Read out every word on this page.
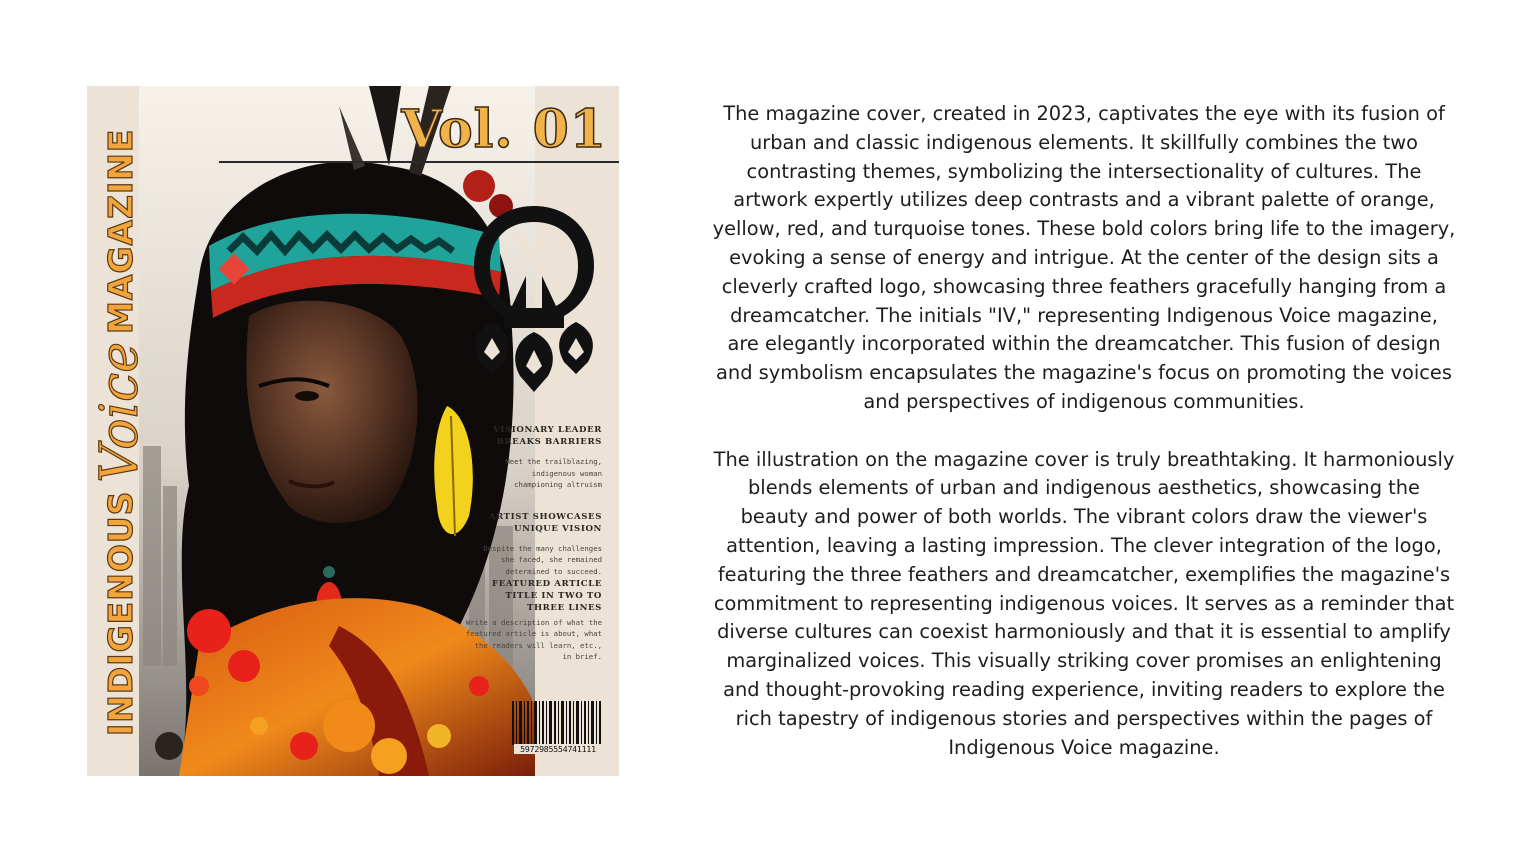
Vol. 01
INDIGENOUS
Voice
MAGAZINE
VISIONARY LEADER BREAKS BARRIERS
Meet the trailblazing, indigenous woman championing altruism
ARTIST SHOWCASES UNIQUE VISION
Despite the many challenges she faced, she remained determined to succeed.
FEATURED ARTICLE TITLE IN TWO TO THREE LINES
Write a description of what the featured article is about, what the readers will learn, etc., in brief.
5972985554741111

The magazine cover, created in 2023, captivates the eye with its fusion of urban and classic indigenous elements. It skillfully combines the two contrasting themes, symbolizing the intersectionality of cultures. The artwork expertly utilizes deep contrasts and a vibrant palette of orange, yellow, red, and turquoise tones. These bold colors bring life to the imagery, evoking a sense of energy and intrigue. At the center of the design sits a cleverly crafted logo, showcasing three feathers gracefully hanging from a dreamcatcher. The initials "IV," representing Indigenous Voice magazine, are elegantly incorporated within the dreamcatcher. This fusion of design and symbolism encapsulates the magazine's focus on promoting the voices and perspectives of indigenous communities.

The illustration on the magazine cover is truly breathtaking. It harmoniously blends elements of urban and indigenous aesthetics, showcasing the beauty and power of both worlds. The vibrant colors draw the viewer's attention, leaving a lasting impression. The clever integration of the logo, featuring the three feathers and dreamcatcher, exemplifies the magazine's commitment to representing indigenous voices. It serves as a reminder that diverse cultures can coexist harmoniously and that it is essential to amplify marginalized voices. This visually striking cover promises an enlightening and thought-provoking reading experience, inviting readers to explore the rich tapestry of indigenous stories and perspectives within the pages of Indigenous Voice magazine.
